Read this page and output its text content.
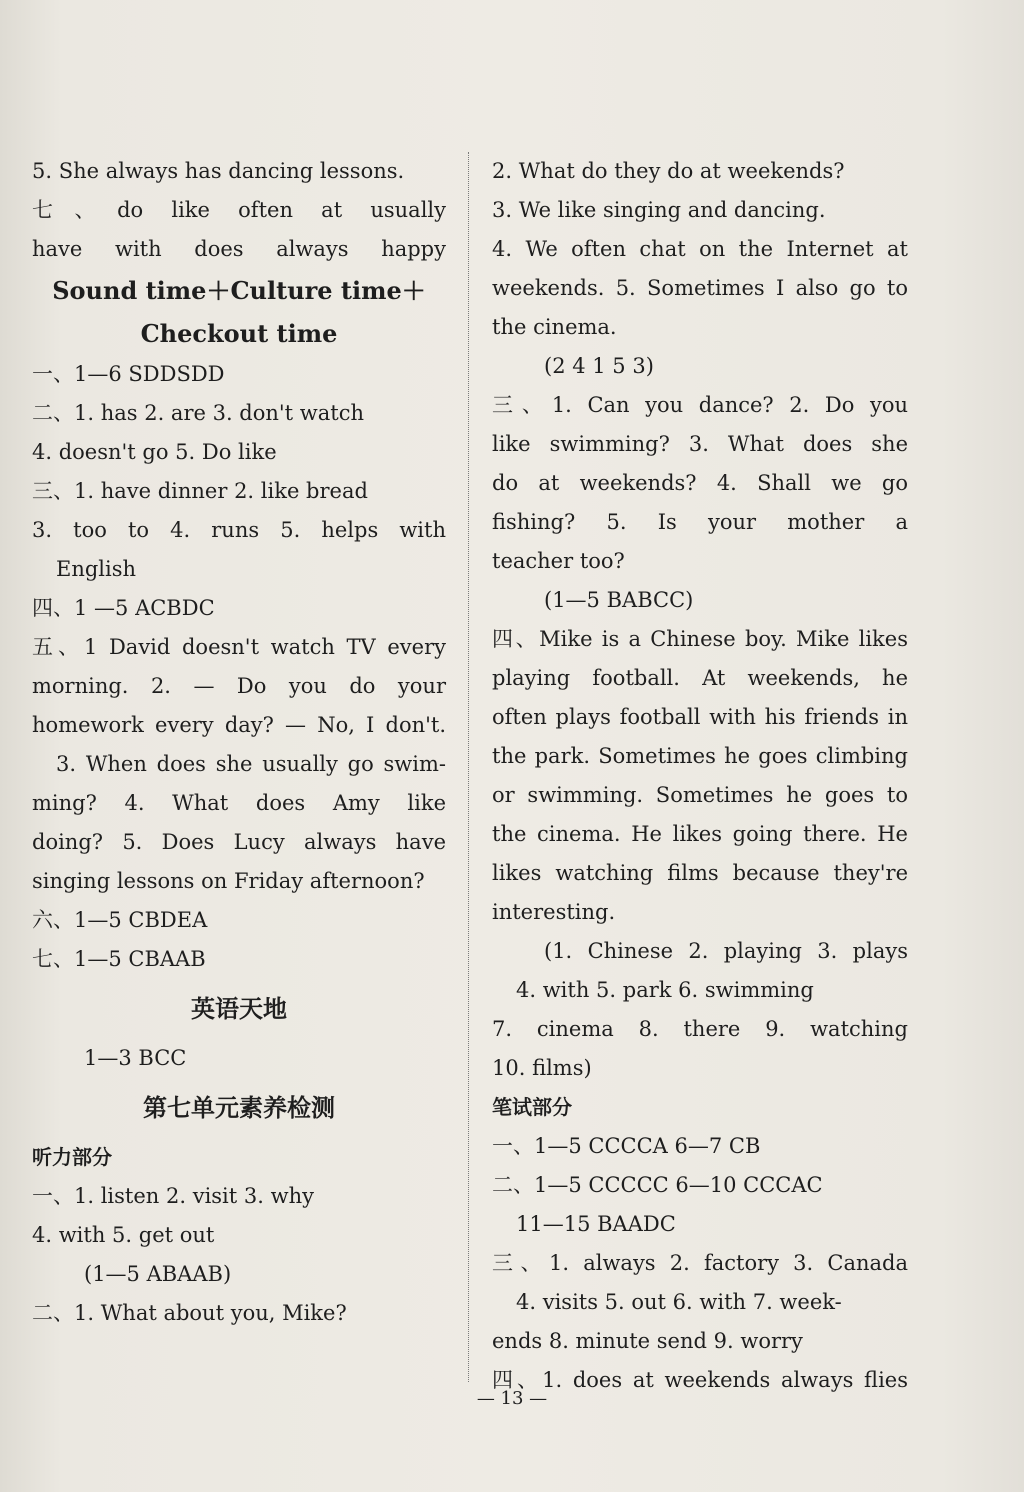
5. She always has dancing lessons.
七、do like often at usually
have with does always happy
Sound time＋Culture time＋
Checkout time
一、1—6 SDDSDD
二、1. has 2. are 3. don't watch
4. doesn't go 5. Do like
三、1. have dinner 2. like bread
3. too to 4. runs 5. helps with
English
四、1 —5 ACBDC
五、1 David doesn't watch TV every
morning. 2. — Do you do your
homework every day? — No, I don't.
3. When does she usually go swim-
ming? 4. What does Amy like
doing? 5. Does Lucy always have
singing lessons on Friday afternoon?
六、1—5 CBDEA
七、1—5 CBAAB
英语天地
1—3 BCC
第七单元素养检测
听力部分
一、1. listen 2. visit 3. why
4. with 5. get out
(1—5 ABAAB)
二、1. What about you, Mike?
2. What do they do at weekends?
3. We like singing and dancing.
4. We often chat on the Internet at
weekends. 5. Sometimes I also go to
the cinema.
(2 4 1 5 3)
三、1. Can you dance? 2. Do you
like swimming? 3. What does she
do at weekends? 4. Shall we go
fishing? 5. Is your mother a
teacher too?
(1—5 BABCC)
四、Mike is a Chinese boy. Mike likes
playing football. At weekends, he
often plays football with his friends in
the park. Sometimes he goes climbing
or swimming. Sometimes he goes to
the cinema. He likes going there. He
likes watching films because they're
interesting.
(1. Chinese 2. playing 3. plays
4. with 5. park 6. swimming
7. cinema 8. there 9. watching
10. films)
笔试部分
一、1—5 CCCCA 6—7 CB
二、1—5 CCCCC 6—10 CCCAC
11—15 BAADC
三、1. always 2. factory 3. Canada
4. visits 5. out 6. with 7. week-
ends 8. minute send 9. worry
四、1. does at weekends always flies
— 13 —
